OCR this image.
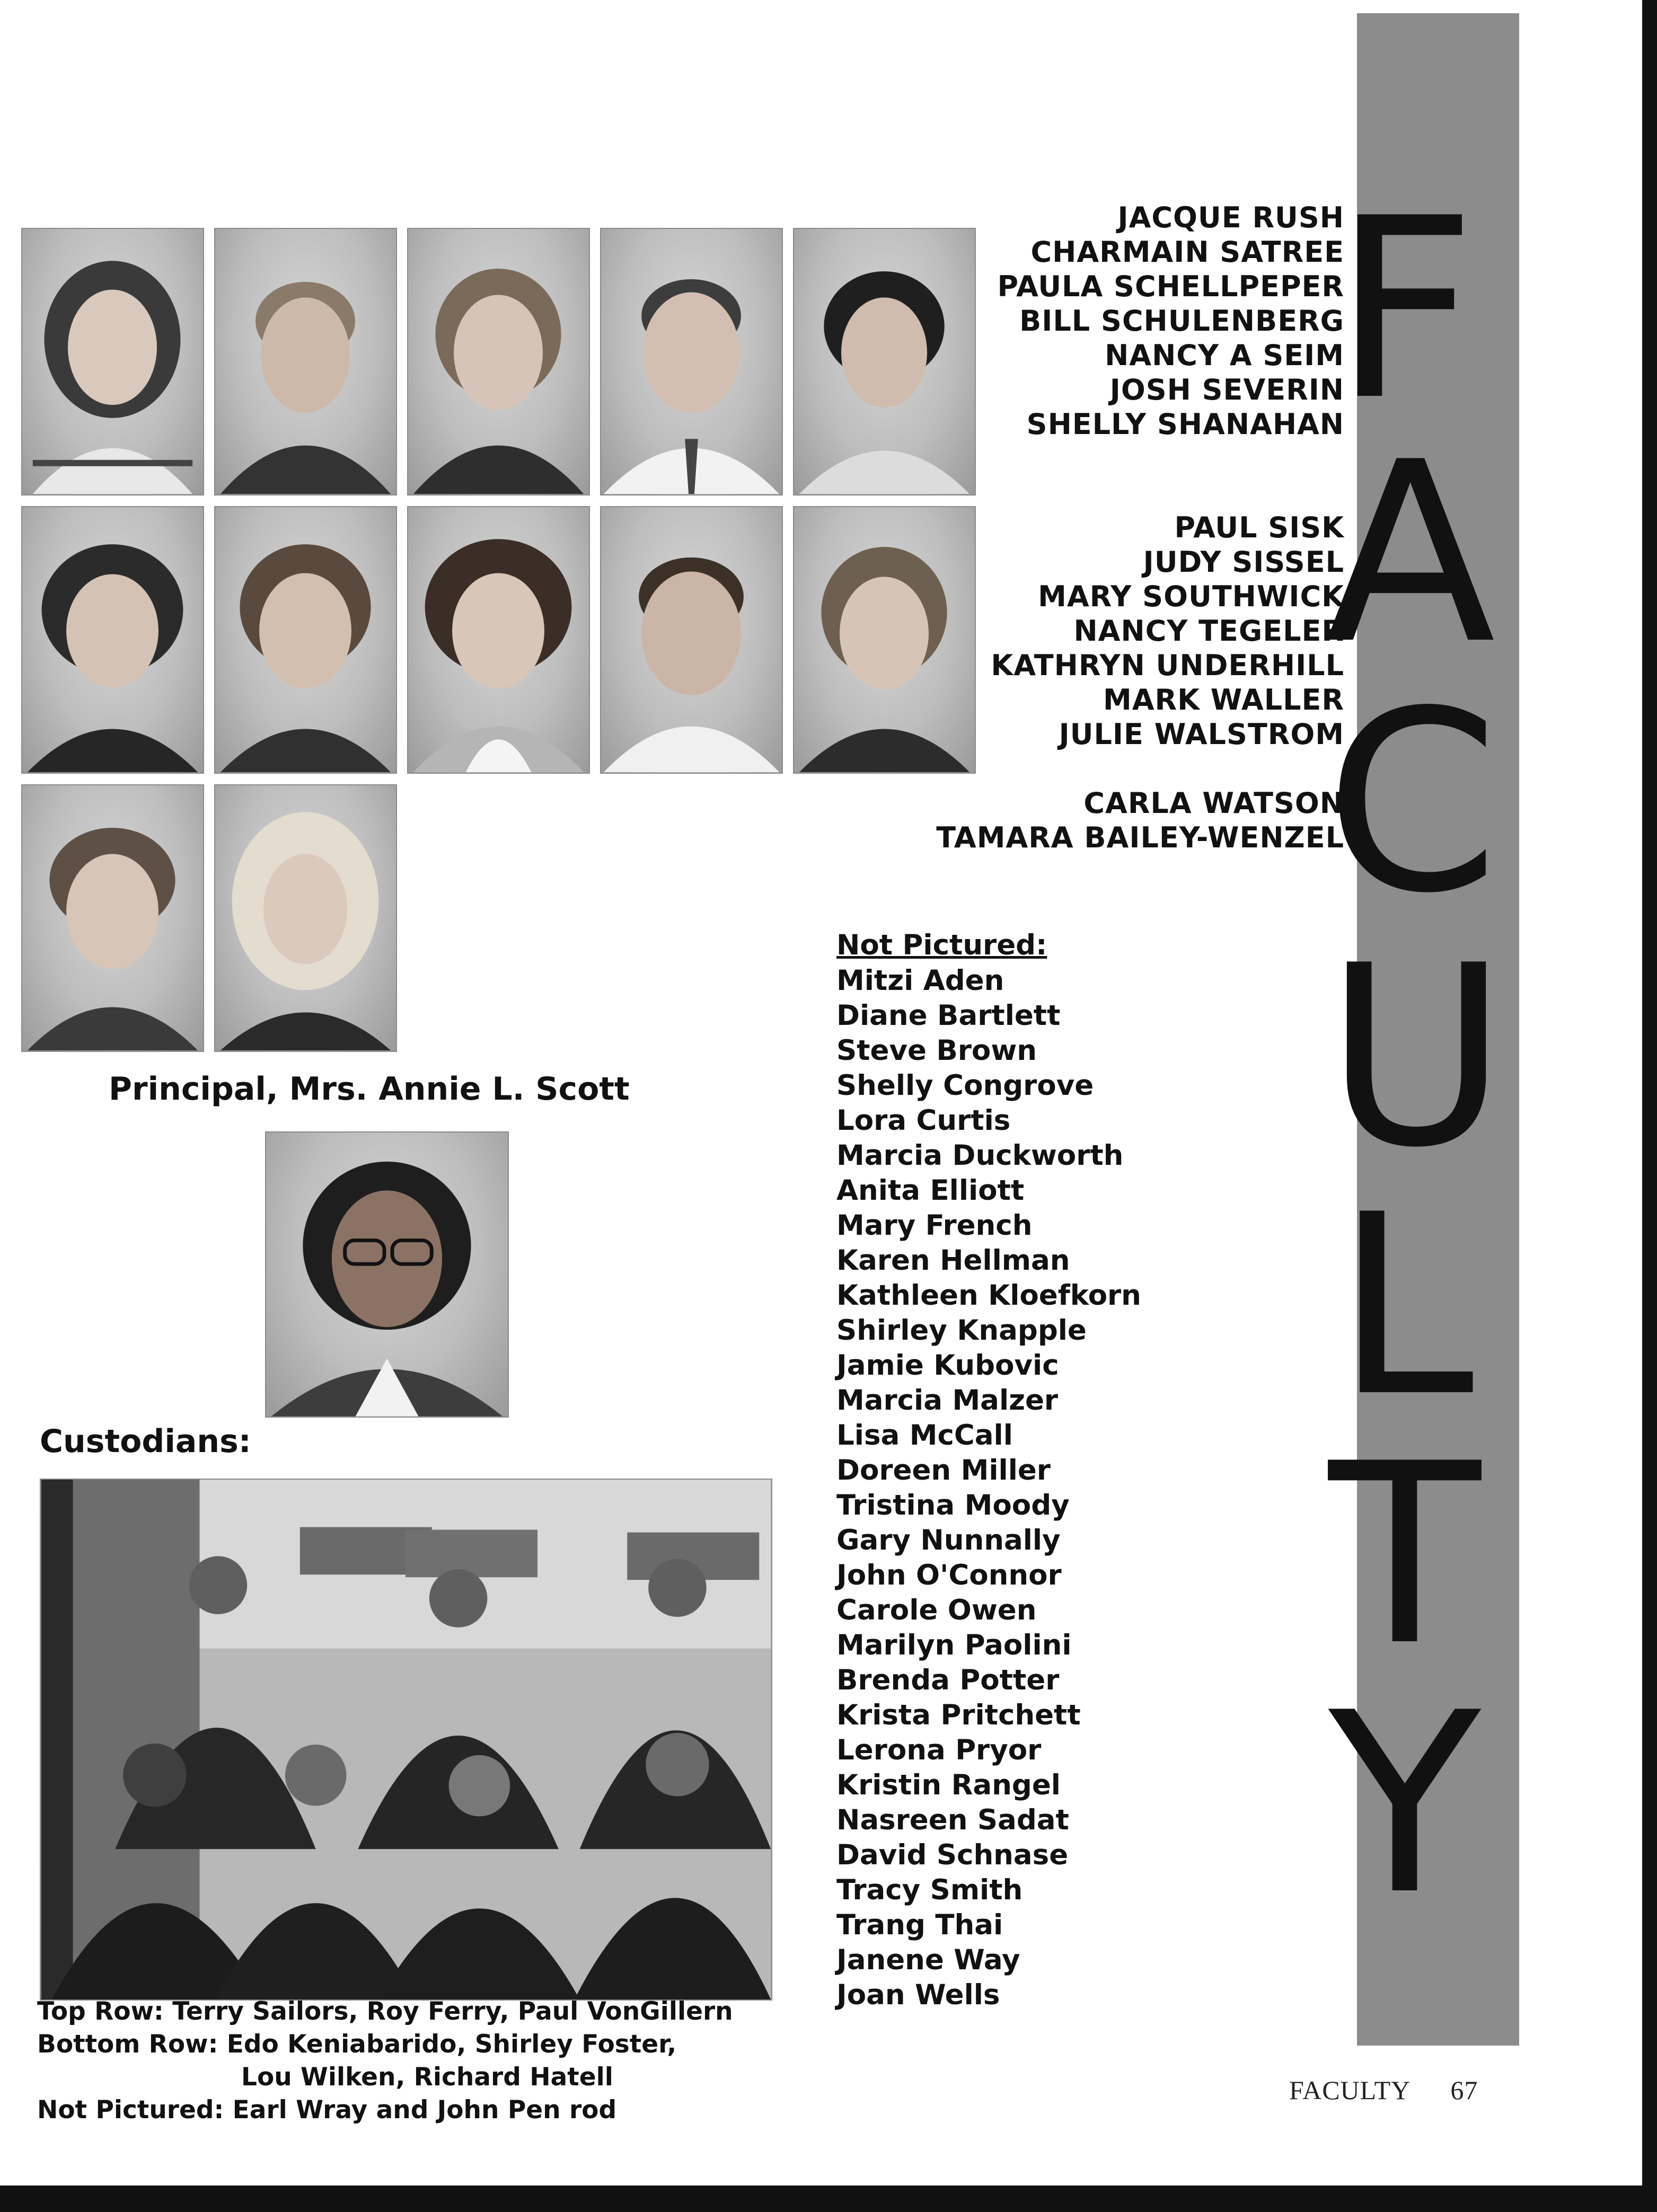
JACQUE RUSH
CHARMAIN SATREE
PAULA SCHELLPEPER
BILL SCHULENBERG
NANCY A SEIM
JOSH SEVERIN
SHELLY SHANAHAN
PAUL SISK
JUDY SISSEL
MARY SOUTHWICK
NANCY TEGELER
KATHRYN UNDERHILL
MARK WALLER
JULIE WALSTROM
CARLA WATSON
TAMARA BAILEY-WENZEL
F
A
C
U
L
T
Y
Principal, Mrs. Annie L. Scott
Custodians:
Top Row: Terry Sailors, Roy Ferry, Paul VonGillern
Bottom Row: Edo Keniabarido, Shirley Foster,
Lou Wilken, Richard Hatell
Not Pictured: Earl Wray and John Pen rod
Not Pictured:
Mitzi Aden
Diane Bartlett
Steve Brown
Shelly Congrove
Lora Curtis
Marcia Duckworth
Anita Elliott
Mary French
Karen Hellman
Kathleen Kloefkorn
Shirley Knapple
Jamie Kubovic
Marcia Malzer
Lisa McCall
Doreen Miller
Tristina Moody
Gary Nunnally
John O'Connor
Carole Owen
Marilyn Paolini
Brenda Potter
Krista Pritchett
Lerona Pryor
Kristin Rangel
Nasreen Sadat
David Schnase
Tracy Smith
Trang Thai
Janene Way
Joan Wells
FACULTY 67
